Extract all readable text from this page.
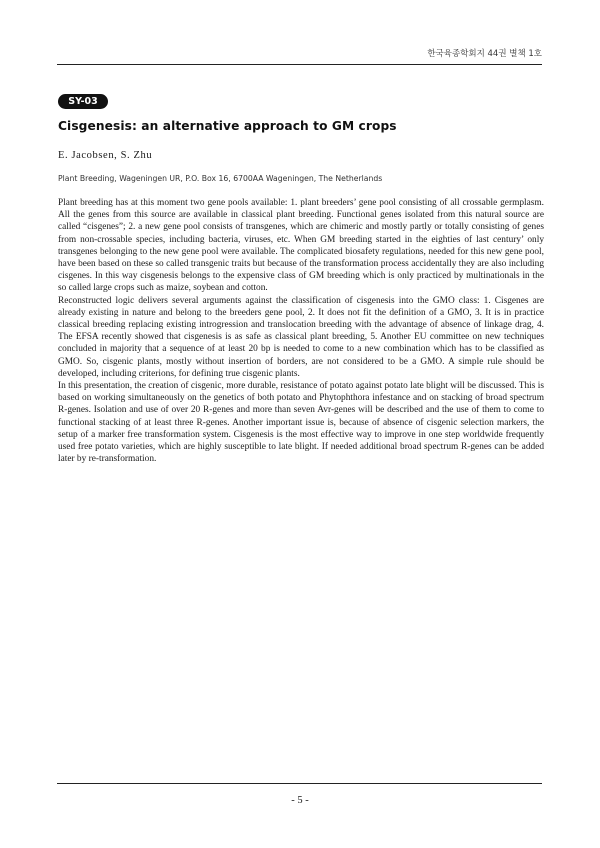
한국육종학회지 44권 별책 1호
SY-03
Cisgenesis: an alternative approach to GM crops
E. Jacobsen, S. Zhu
Plant Breeding, Wageningen UR, P.O. Box 16, 6700AA Wageningen, The Netherlands

Plant breeding has at this moment two gene pools available: 1. plant breeders’ gene pool consisting of all crossable germplasm. All the genes from this source are available in classical plant breeding. Functional genes isolated from this natural source are called “cisgenes”; 2. a new gene pool consists of transgenes, which are chimeric and mostly partly or totally consisting of genes from non-crossable species, including bacteria, viruses, etc. When GM breeding started in the eighties of last century’ only transgenes belonging to the new gene pool were available. The complicated biosafety regulations, needed for this new gene pool, have been based on these so called transgenic traits but because of the transformation process accidentally they are also including cisgenes. In this way cisgenesis belongs to the expensive class of GM breeding which is only practiced by multinationals in the so called large crops such as maize, soybean and cotton.

Reconstructed logic delivers several arguments against the classification of cisgenesis into the GMO class: 1. Cisgenes are already existing in nature and belong to the breeders gene pool, 2. It does not fit the definition of a GMO, 3. It is in practice classical breeding replacing existing introgression and translocation breeding with the advantage of absence of linkage drag, 4. The EFSA recently showed that cisgenesis is as safe as classical plant breeding, 5. Another EU committee on new techniques concluded in majority that a sequence of at least 20 bp is needed to come to a new combination which has to be classified as GMO. So, cisgenic plants, mostly without insertion of borders, are not considered to be a GMO. A simple rule should be developed, including criterions, for defining true cisgenic plants.

In this presentation, the creation of cisgenic, more durable, resistance of potato against potato late blight will be discussed. This is based on working simultaneously on the genetics of both potato and Phytophthora infestance and on stacking of broad spectrum R-genes. Isolation and use of over 20 R-genes and more than seven Avr-genes will be described and the use of them to come to functional stacking of at least three R-genes. Another important issue is, because of absence of cisgenic selection markers, the setup of a marker free transformation system. Cisgenesis is the most effective way to improve in one step worldwide frequently used free potato varieties, which are highly susceptible to late blight. If needed additional broad spectrum R-genes can be added later by re-transformation.

- 5 -
